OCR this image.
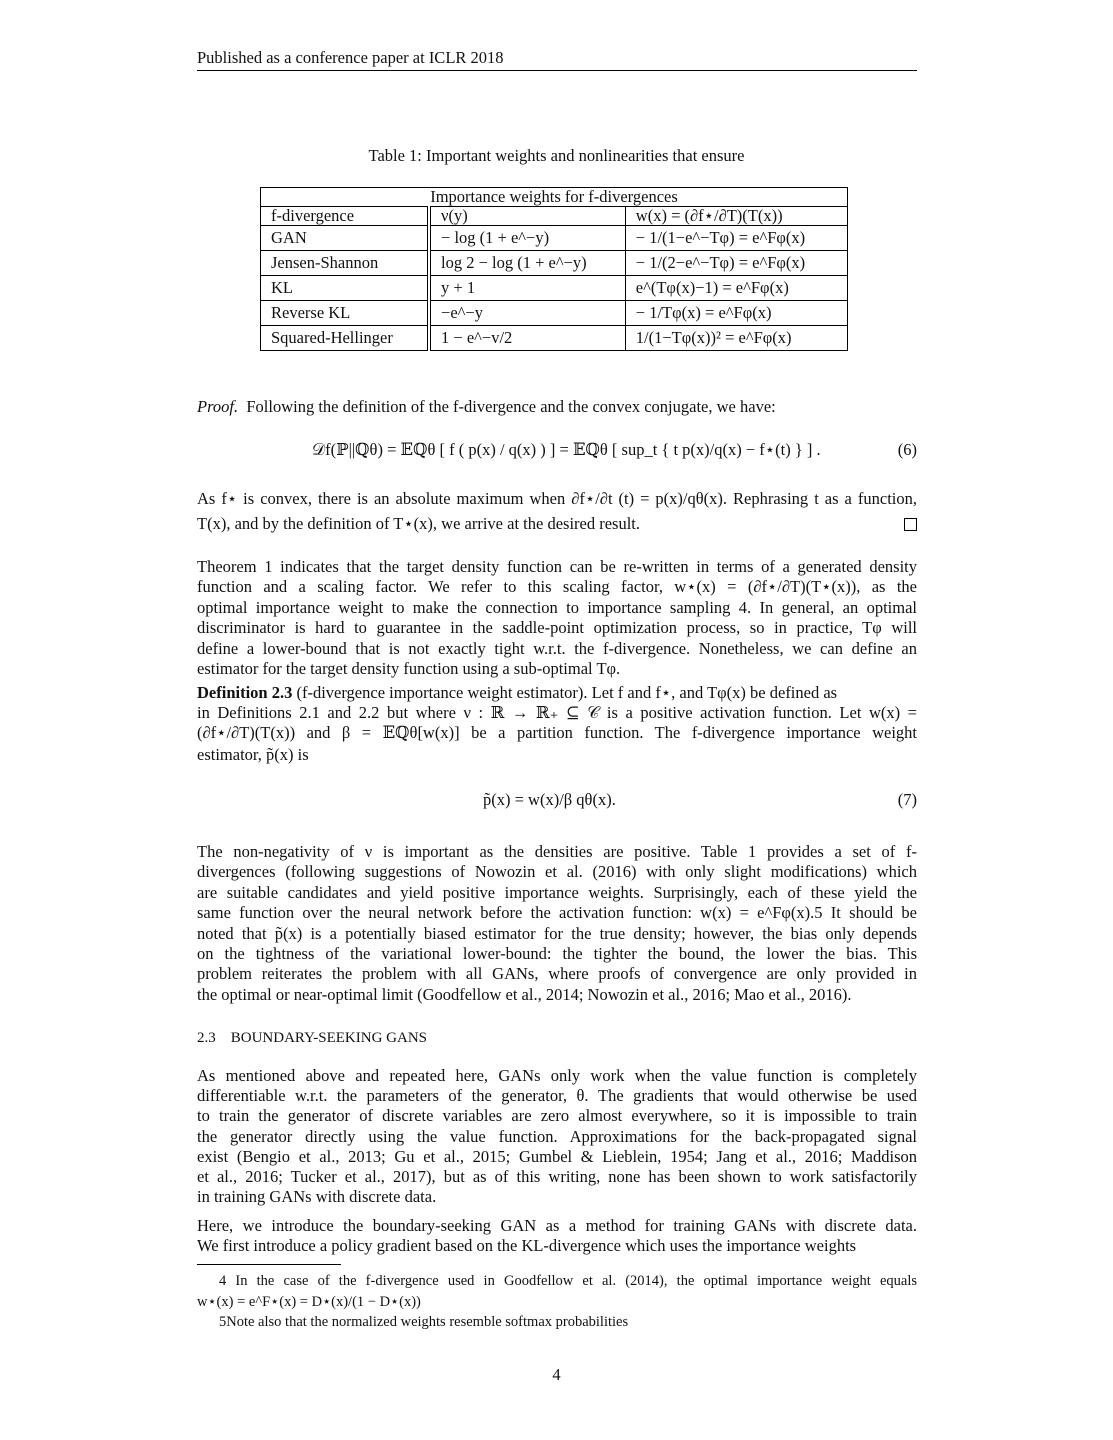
Published as a conference paper at ICLR 2018
Table 1: Important weights and nonlinearities that ensure
Importance weights for f-divergences		
f-divergence	ν(y)	w(x) = (∂f⋆/∂T)(T(x))
GAN	− log (1 + e^−y)	− 1/(1−e^−Tφ) = e^Fφ(x)
Jensen-Shannon	log 2 − log (1 + e^−y)	− 1/(2−e^−Tφ) = e^Fφ(x)
KL	y + 1	e^(Tφ(x)−1) = e^Fφ(x)
Reverse KL	−e^−y	− 1/Tφ(x) = e^Fφ(x)
Squared-Hellinger	1 − e^−v/2	1/(1−Tφ(x))² = e^Fφ(x)
Proof. Following the definition of the f-divergence and the convex conjugate, we have:
𝒟f(ℙ||ℚθ) = 𝔼ℚθ [ f ( p(x) / q(x) ) ] = 𝔼ℚθ [ sup_t { t p(x)/q(x) − f⋆(t) } ] .	(6)
As f⋆ is convex, there is an absolute maximum when ∂f⋆/∂t (t) = p(x)/qθ(x). Rephrasing t as a function,
T(x), and by the definition of T⋆(x), we arrive at the desired result.
Theorem 1 indicates that the target density function can be re-written in terms of a generated density
function and a scaling factor. We refer to this scaling factor, w⋆(x) = (∂f⋆/∂T)(T⋆(x)), as the
optimal importance weight to make the connection to importance sampling 4. In general, an optimal
discriminator is hard to guarantee in the saddle-point optimization process, so in practice, Tφ will
define a lower-bound that is not exactly tight w.r.t. the f-divergence. Nonetheless, we can define an
estimator for the target density function using a sub-optimal Tφ.
Definition 2.3 (f-divergence importance weight estimator). Let f and f⋆, and Tφ(x) be defined as
in Definitions 2.1 and 2.2 but where ν : ℝ → ℝ₊ ⊆ 𝒞 is a positive activation function. Let w(x) =
(∂f⋆/∂T)(T(x)) and β = 𝔼ℚθ[w(x)] be a partition function. The f-divergence importance weight
estimator, p̃(x) is
p̃(x) = w(x)/β qθ(x).	(7)
The non-negativity of ν is important as the densities are positive. Table 1 provides a set of f-
divergences (following suggestions of Nowozin et al. (2016) with only slight modifications) which
are suitable candidates and yield positive importance weights. Surprisingly, each of these yield the
same function over the neural network before the activation function: w(x) = e^Fφ(x).5 It should be
noted that p̃(x) is a potentially biased estimator for the true density; however, the bias only depends
on the tightness of the variational lower-bound: the tighter the bound, the lower the bias. This
problem reiterates the problem with all GANs, where proofs of convergence are only provided in
the optimal or near-optimal limit (Goodfellow et al., 2014; Nowozin et al., 2016; Mao et al., 2016).
2.3 BOUNDARY-SEEKING GANS
As mentioned above and repeated here, GANs only work when the value function is completely
differentiable w.r.t. the parameters of the generator, θ. The gradients that would otherwise be used
to train the generator of discrete variables are zero almost everywhere, so it is impossible to train
the generator directly using the value function. Approximations for the back-propagated signal
exist (Bengio et al., 2013; Gu et al., 2015; Gumbel & Lieblein, 1954; Jang et al., 2016; Maddison
et al., 2016; Tucker et al., 2017), but as of this writing, none has been shown to work satisfactorily
in training GANs with discrete data.
Here, we introduce the boundary-seeking GAN as a method for training GANs with discrete data.
We first introduce a policy gradient based on the KL-divergence which uses the importance weights
4 In the case of the f-divergence used in Goodfellow et al. (2014), the optimal importance weight equals
w⋆(x) = e^F⋆(x) = D⋆(x)/(1 − D⋆(x))
5Note also that the normalized weights resemble softmax probabilities
4
